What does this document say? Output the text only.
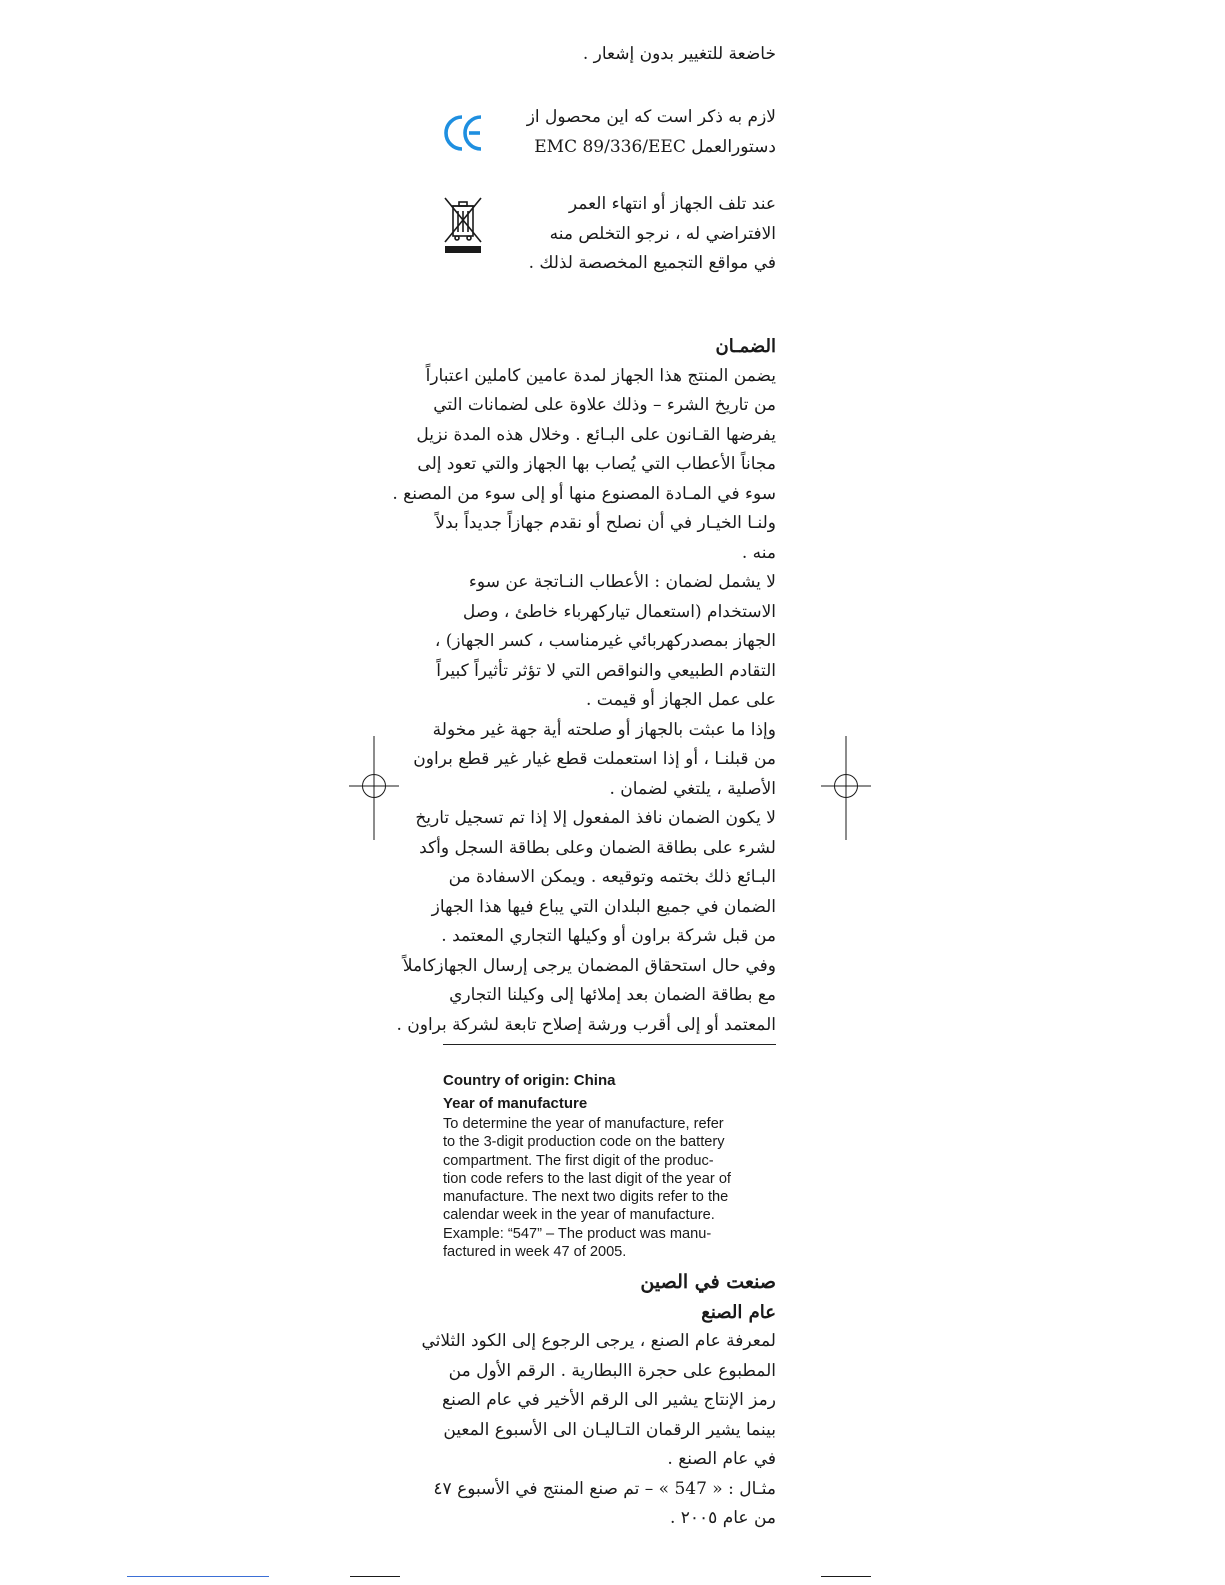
خاضعة للتغيير بدون إشعار .

لازم به ذکر است که این محصول از

دستورالعمل EMC 89/336/EEC

عند تلف الجهاز أو انتهاء العمر

الافتراضي له ، نرجو التخلص منه

في مواقع التجميع المخصصة لذلك .

الضمـان

يضمن المنتج هذا الجهاز لمدة عامين كاملين اعتباراً

من تاريخ الشرء – وذلك علاوة على لضمانات التي

يفرضها القـانون على البـائع . وخلال هذه المدة نزيل

مجاناً الأعطاب التي يُصاب بها الجهاز والتي تعود إلى

سوء في المـادة المصنوع منها أو إلى سوء من المصنع .

ولنـا الخيـار في أن نصلح أو نقدم جهازاً جديداً بدلاً

منه .

لا يشمل لضمان : الأعطاب النـاتجة عن سوء

الاستخدام (استعمال تيارکهرباء خاطئ ، وصل

الجهاز بمصدرکهربائي غیرمناسب ، كسر الجهاز) ،

التقادم الطبيعي والنواقص التي لا تؤثر تأثيراً كبيراً

على عمل الجهاز أو قيمت .

وإذا ما عبثت بالجهاز أو صلحته أية جهة غير مخولة

من قبلنـا ، أو إذا استعملت قطع غيار غير قطع براون

الأصلية ، يلتغي لضمان .

لا يكون الضمان نافذ المفعول إلا إذا تم تسجيل تاريخ

لشرء على بطاقة الضمان وعلى بطاقة السجل وأكد

البـائع ذلك بختمه وتوقيعه . ويمكن الاسفادة من

الضمان في جميع البلدان التي يباع فيها هذا الجهاز

من قبل شركة براون أو وكيلها التجاري المعتمد .

وفي حال استحقاق المضمان يرجى إرسال الجهازكاملاً

مع بطاقة الضمان بعد إملائها إلى وكيلنا التجاري

المعتمد أو إلى أقرب ورشة إصلاح تابعة لشركة براون .

Country of origin: China
Year of manufacture
To determine the year of manufacture, refer
to the 3-digit production code on the battery
compartment. The first digit of the produc-
tion code refers to the last digit of the year of
manufacture. The next two digits refer to the
calendar week in the year of manufacture.
Example: “547” – The product was manu-
factured in week 47 of 2005.

صنعت في الصين

عام الصنع

لمعرفة عام الصنع ، يرجى الرجوع إلى الكود الثلاثي

المطبوع على حجرة االبطارية . الرقم الأول من

رمز الإنتاج يشير الى الرقم الأخير في عام الصنع

بينما يشير الرقمان التـاليـان الى الأسبوع المعين

في عام الصنع .

مثـال : « 547 » – تم صنع المنتج في الأسبوع ٤٧

من عام ٢٠٠٥ .
